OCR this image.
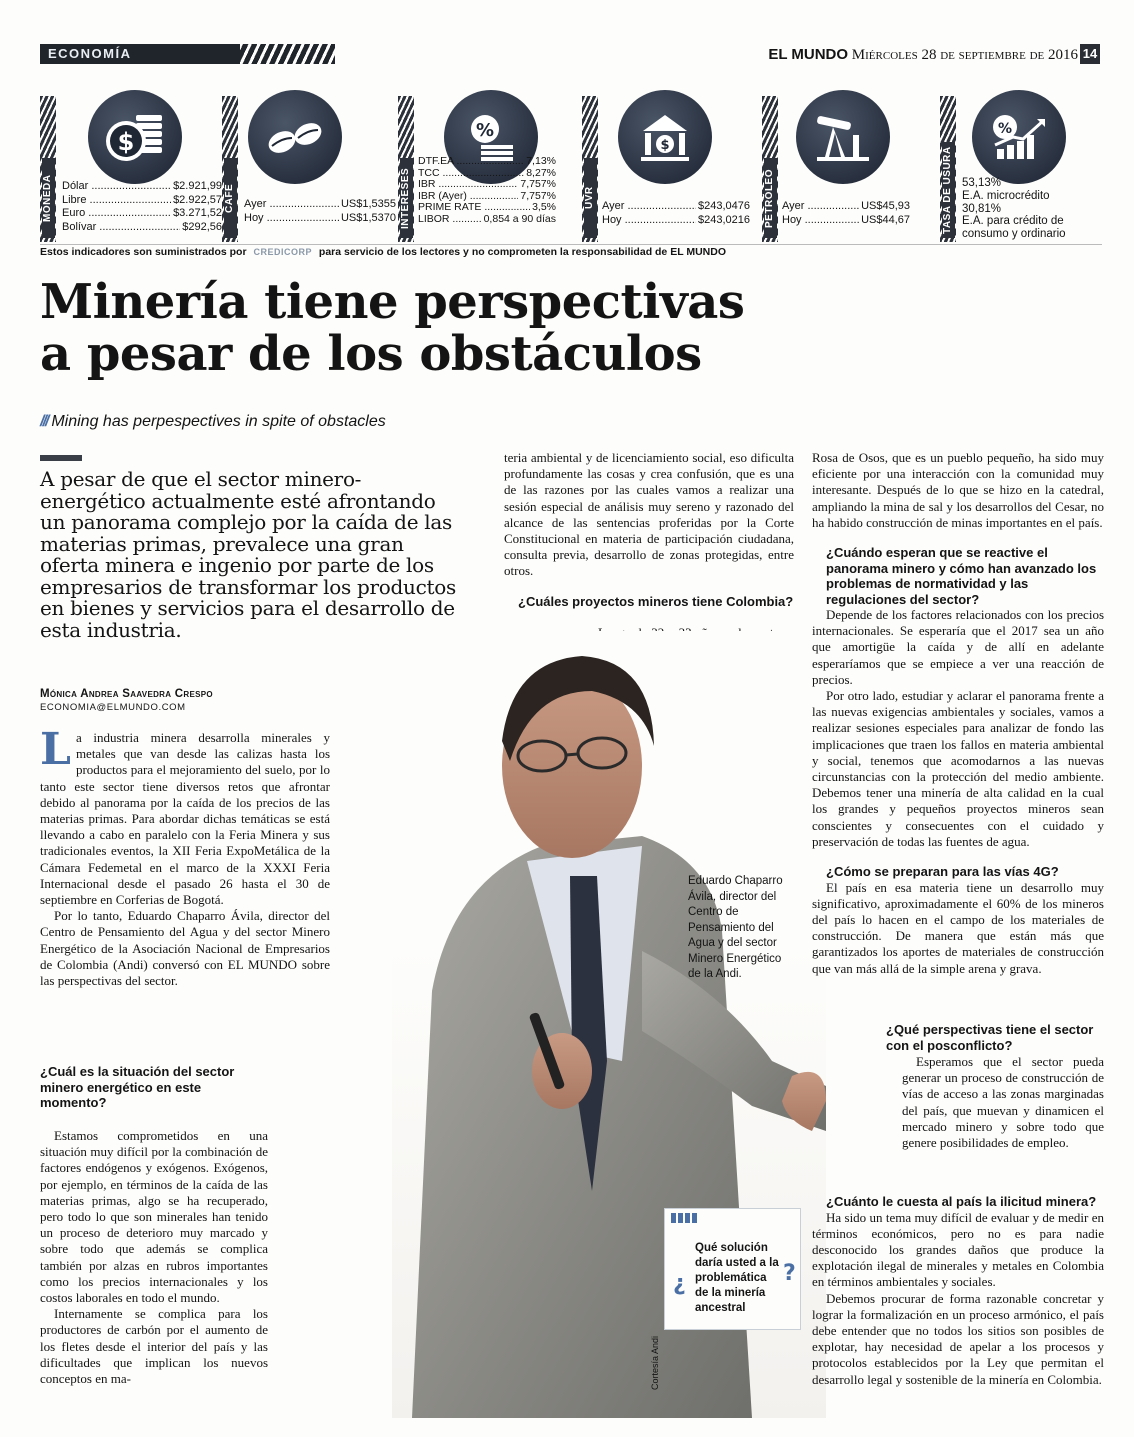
ECONOMÍA	EL MUNDO Miércoles 28 de septiembre de 2016 14
MONEDA
$
Dólar .....	$2.921,99
Libre .....	$2.922,57
Euro .....	$3.271,52
Bolívar .....	$292,56
CAFÉ Ayer .....	US$1,5355
Hoy .....	US$1,5370 INTERESES
%
DTF.EA .....	7,13%
TCC .....	8,27%
IBR .....	7,757%
IBR (Ayer) .....	7,757%
PRIME RATE .....	3,5%
LIBOR .....	0,854 a 90 días
UVR
$
Ayer .....	$243,0476
Hoy .....	$243,0216 PETRÓLEO Ayer .....	US$45,93
Hoy .....	US$44,67	TASA DE USURA
%
53,13%
E.A. microcrédito
30,81%
E.A. para crédito de
consumo y ordinario
Estos indicadores son suministrados por CREDICORP para servicio de los lectores y no comprometen la responsabilidad de EL MUNDO
Minería tiene perspectivas
a pesar de los obstáculos
/// Mining has perpespectives in spite of obstacles
A pesar de que el sector minero-energético actualmente esté afrontando un panorama complejo por la caída de las materias primas, prevalece una gran oferta minera e ingenio por parte de los empresarios de transformar los productos en bienes y servicios para el desarrollo de esta industria.
Mónica Andrea Saavedra Crespo
ECONOMIA@ELMUNDO.COM

La industria minera desarrolla minerales y metales que van desde las calizas hasta los productos para el mejoramiento del suelo, por lo tanto este sector tiene diversos retos que afrontar debido al panorama por la caída de los precios de las materias primas. Para abordar dichas temáticas se está llevando a cabo en paralelo con la Feria Minera y sus tradicionales eventos, la XII Feria ExpoMetálica de la Cámara Fedemetal en el marco de la XXXI Feria Internacional desde el pasado 26 hasta el 30 de septiembre en Corferias de Bogotá.

Por lo tanto, Eduardo Chaparro Ávila, director del Centro de Pensamiento del Agua y del sector Minero Energético de la Asociación Nacional de Empresarios de Colombia (Andi) conversó con EL MUNDO sobre las perspectivas del sector.

¿Cuál es la situación del sector minero energético en este momento?

Estamos comprometidos en una situación muy difícil por la combinación de factores endógenos y exógenos. Exógenos, por ejemplo, en términos de la caída de las materias primas, algo se ha recuperado, pero todo lo que son minerales han tenido un proceso de deterioro muy marcado y sobre todo que además se complica también por alzas en rubros importantes como los precios internacionales y los costos laborales en todo el mundo.

Internamente se complica para los productores de carbón por el aumento de los fletes desde el interior del país y las dificultades que implican los nuevos conceptos en ma-

teria ambiental y de licenciamiento social, eso dificulta profundamente las cosas y crea confusión, que es una de las razones por las cuales vamos a realizar una sesión especial de análisis muy sereno y razonado del alcance de las sentencias proferidas por la Corte Constitucional en materia de participación ciudadana, consulta previa, desarrollo de zonas protegidas, entre otros.

¿Cuáles proyectos mineros tiene Colombia?

Eduardo Chaparro Ávila, director del Centro de Pensamiento del Agua y del sector Minero Energético de la Andi.
Cortesía Andi
¿	?
Qué solución daría usted a la problemática de la minería ancestral

Rosa de Osos, que es un pueblo pequeño, ha sido muy eficiente por una interacción con la comunidad muy interesante. Después de lo que se hizo en la catedral, ampliando la mina de sal y los desarrollos del Cesar, no ha habido construcción de minas importantes en el país.

¿Cuándo esperan que se reactive el panorama minero y cómo han avanzado los problemas de normatividad y las regulaciones del sector?

Depende de los factores relacionados con los precios internacionales. Se esperaría que el 2017 sea un año que amortigüe la caída y de allí en adelante esperaríamos que se empiece a ver una reacción de precios.

Por otro lado, estudiar y aclarar el panorama frente a las nuevas exigencias ambientales y sociales, vamos a realizar sesiones especiales para analizar de fondo las implicaciones que traen los fallos en materia ambiental y social, tenemos que acomodarnos a las nuevas circunstancias con la protección del medio ambiente. Debemos tener una minería de alta calidad en la cual los grandes y pequeños proyectos mineros sean conscientes y consecuentes con el cuidado y preservación de todas las fuentes de agua.

¿Cómo se preparan para las vías 4G?

El país en esa materia tiene un desarrollo muy significativo, aproximadamente el 60% de los mineros del país lo hacen en el campo de los materiales de construcción. De manera que están más que garantizados los aportes de materiales de construcción que van más allá de la simple arena y grava.

¿Qué perspectivas tiene el sector con el posconflicto?

Esperamos que el sector pueda generar un proceso de construcción de vías de acceso a las zonas marginadas del país, que muevan y dinamicen el mercado minero y sobre todo que genere posibilidades de empleo.

¿Cuánto le cuesta al país la ilicitud minera?

Ha sido un tema muy difícil de evaluar y de medir en términos económicos, pero no es para nadie desconocido los grandes daños que produce la explotación ilegal de minerales y metales en Colombia en términos ambientales y sociales.

Debemos procurar de forma razonable concretar y lograr la formalización en un proceso armónico, el país debe entender que no todos los sitios son posibles de explotar, hay necesidad de apelar a los procesos y protocolos establecidos por la Ley que permitan el desarrollo legal y sostenible de la minería en Colombia.
